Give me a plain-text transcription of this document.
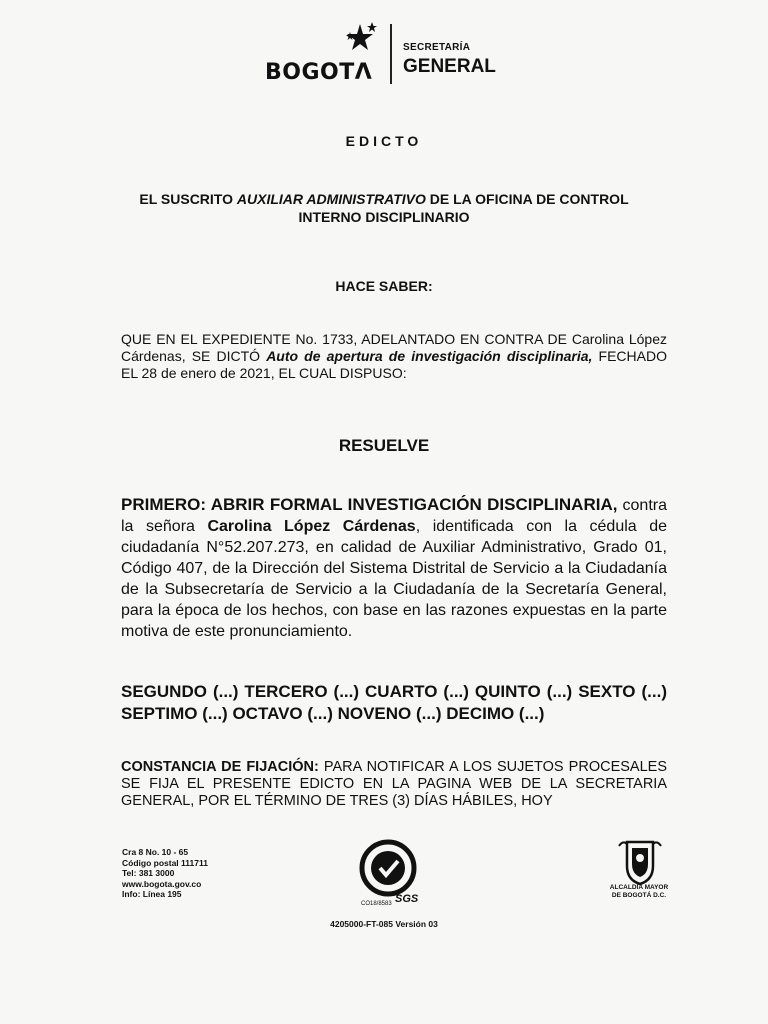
BOGOTΛ
SECRETARÍA
GENERAL
EDICTO
EL SUSCRITO AUXILIAR ADMINISTRATIVO DE LA OFICINA DE CONTROL
INTERNO DISCIPLINARIO
HACE SABER:
QUE EN EL EXPEDIENTE No. 1733, ADELANTADO EN CONTRA DE Carolina López Cárdenas, SE DICTÓ Auto de apertura de investigación disciplinaria, FECHADO EL 28 de enero de 2021, EL CUAL DISPUSO:
RESUELVE
PRIMERO: ABRIR FORMAL INVESTIGACIÓN DISCIPLINARIA, contra la señora Carolina López Cárdenas, identificada con la cédula de ciudadanía N°52.207.273, en calidad de Auxiliar Administrativo, Grado 01, Código 407, de la Dirección del Sistema Distrital de Servicio a la Ciudadanía de la Subsecretaría de Servicio a la Ciudadanía de la Secretaría General, para la época de los hechos, con base en las razones expuestas en la parte motiva de este pronunciamiento.
SEGUNDO (...) TERCERO (...) CUARTO (...) QUINTO (...) SEXTO (...) SEPTIMO (...) OCTAVO (...) NOVENO (...) DECIMO (...)
CONSTANCIA DE FIJACIÓN: PARA NOTIFICAR A LOS SUJETOS PROCESALES SE FIJA EL PRESENTE EDICTO EN LA PAGINA WEB DE LA SECRETARIA GENERAL, POR EL TÉRMINO DE TRES (3) DÍAS HÁBILES, HOY
Cra 8 No. 10 - 65
Código postal 111711
Tel: 381 3000
www.bogota.gov.co
Info: Línea 195	SGS
CO18/8583
4205000-FT-085 Versión 03
ALCALDÍA MAYOR
DE BOGOTÁ D.C.
